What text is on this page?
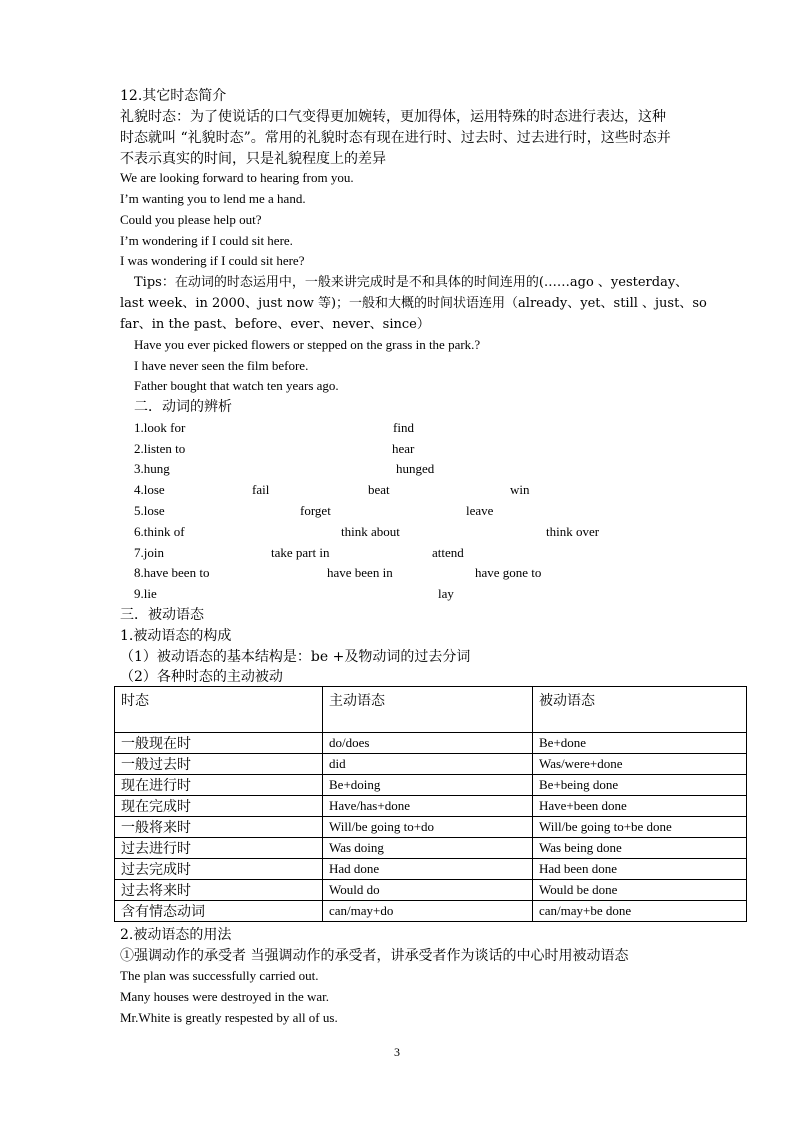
12.其它时态简介
礼貌时态：为了使说话的口气变得更加婉转，更加得体，运用特殊的时态进行表达，这种
时态就叫 “礼貌时态”。常用的礼貌时态有现在进行时、过去时、过去进行时，这些时态并
不表示真实的时间，只是礼貌程度上的差异
We are looking forward to hearing from you.
I’m wanting you to lend me a hand.
Could you please help out?
I’m wondering if I could sit here.
I was wondering if I could sit here?
Tips：在动词的时态运用中，一般来讲完成时是不和具体的时间连用的(……ago 、yesterday、
last week、in 2000、just now 等)；一般和大概的时间状语连用（already、yet、still 、just、so
far、in the past、before、ever、never、since）
Have you ever picked flowers or stepped on the grass in the park.?
I have never seen the film before.
Father bought that watch ten years ago.
二．动词的辨析
1.look for	find
2.listen to	hear
3.hung	hunged
4.lose	fail	beat	win
5.lose	forget	leave
6.think of	think about	think over
7.join	take part in	attend
8.have been to	have been in	have gone to
9.lie	lay
三．被动语态
1.被动语态的构成
（1）被动语态的基本结构是：be +及物动词的过去分词
（2）各种时态的主动被动
时态	主动语态	被动语态
一般现在时	do/does	Be+done
一般过去时	did	Was/were+done
现在进行时	Be+doing	Be+being done
现在完成时	Have/has+done	Have+been done
一般将来时	Will/be going to+do	Will/be going to+be done
过去进行时	Was doing	Was being done
过去完成时	Had done	Had been done
过去将来时	Would do	Would be done
含有情态动词	can/may+do	can/may+be done
2.被动语态的用法
①强调动作的承受者 当强调动作的承受者，讲承受者作为谈话的中心时用被动语态
The plan was successfully carried out.
Many houses were destroyed in the war.
Mr.White is greatly respested by all of us.
3
